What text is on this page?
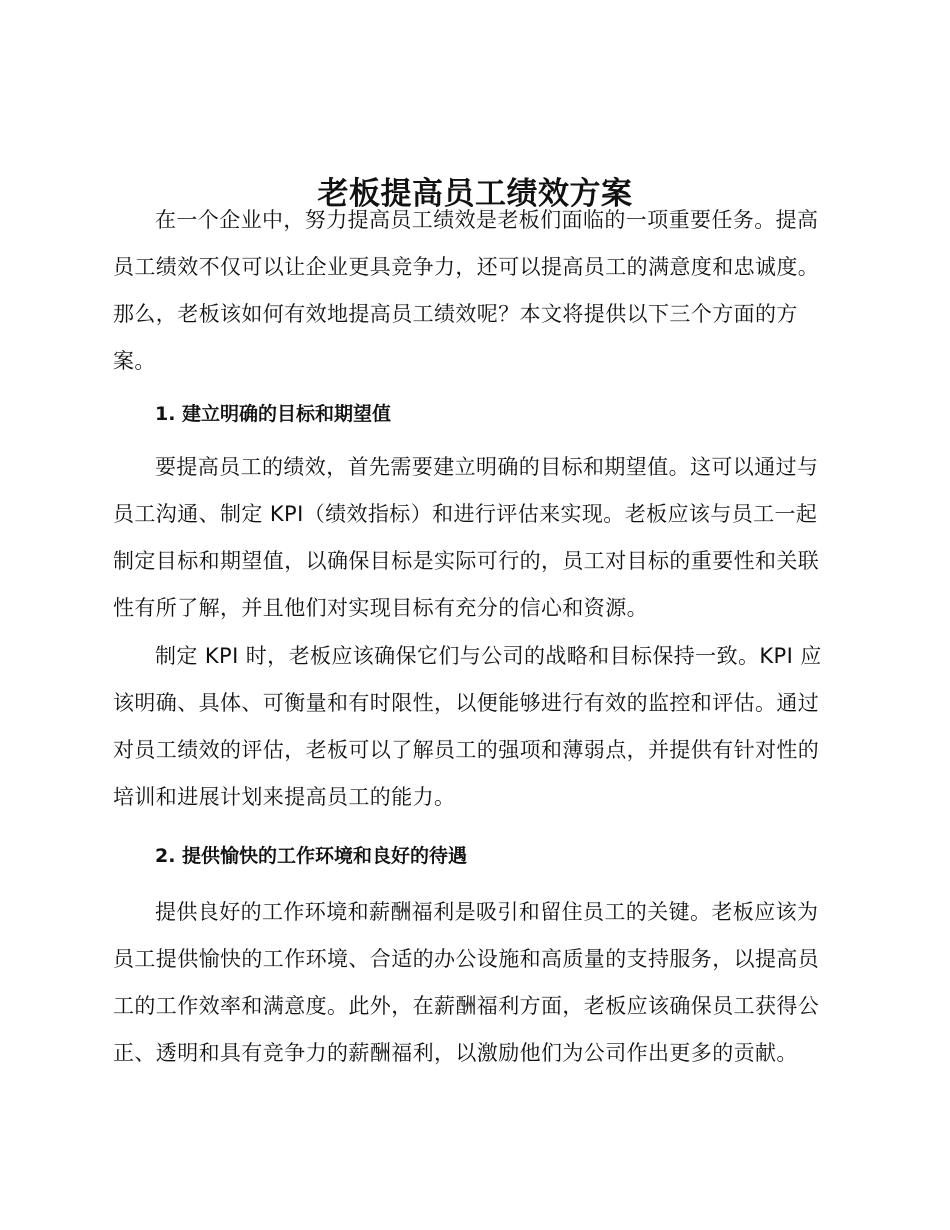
老板提高员工绩效方案

在一个企业中，努力提高员工绩效是老板们面临的一项重要任务。提高员工绩效不仅可以让企业更具竞争力，还可以提高员工的满意度和忠诚度。那么，老板该如何有效地提高员工绩效呢？本文将提供以下三个方面的方案。

1. 建立明确的目标和期望值

要提高员工的绩效，首先需要建立明确的目标和期望值。这可以通过与员工沟通、制定 KPI（绩效指标）和进行评估来实现。老板应该与员工一起制定目标和期望值，以确保目标是实际可行的，员工对目标的重要性和关联性有所了解，并且他们对实现目标有充分的信心和资源。

制定 KPI 时，老板应该确保它们与公司的战略和目标保持一致。KPI 应该明确、具体、可衡量和有时限性，以便能够进行有效的监控和评估。通过对员工绩效的评估，老板可以了解员工的强项和薄弱点，并提供有针对性的培训和进展计划来提高员工的能力。

2. 提供愉快的工作环境和良好的待遇

提供良好的工作环境和薪酬福利是吸引和留住员工的关键。老板应该为员工提供愉快的工作环境、合适的办公设施和高质量的支持服务，以提高员工的工作效率和满意度。此外，在薪酬福利方面，老板应该确保员工获得公正、透明和具有竞争力的薪酬福利，以激励他们为公司作出更多的贡献。
